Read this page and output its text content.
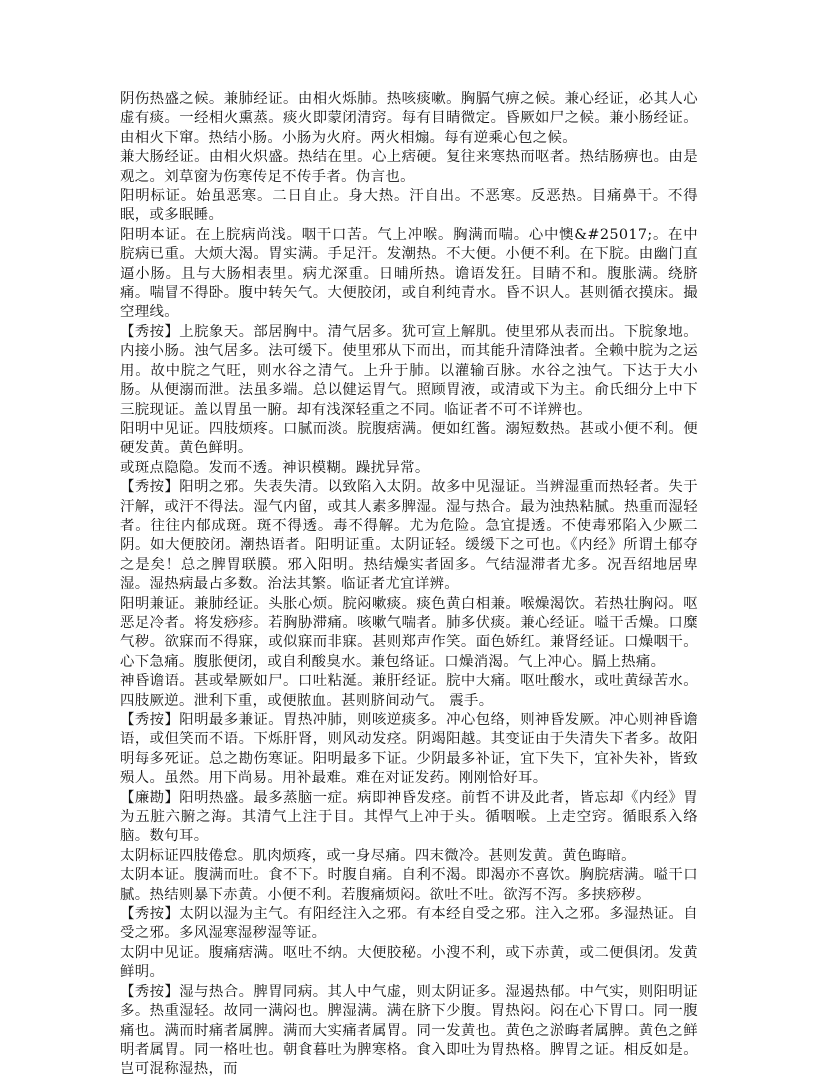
阴伤热盛之候。兼肺经证。由相火烁肺。热咳痰嗽。胸膈气痹之候。兼心经证，必其人心虚有痰。一经相火熏蒸。痰火即蒙闭清窍。每有目睛微定。昏厥如尸之候。兼小肠经证。由相火下窜。热结小肠。小肠为火府。两火相煽。每有逆乘心包之候。

兼大肠经证。由相火炽盛。热结在里。心上痞硬。复往来寒热而呕者。热结肠痹也。由是观之。刘草窗为伤寒传足不传手者。伪言也。

阳明标证。始虽恶寒。二日自止。身大热。汗自出。不恶寒。反恶热。目痛鼻干。不得眠，或多眠睡。

阳明本证。在上脘病尚浅。咽干口苦。气上冲喉。胸满而喘。心中懊&#25017;。在中脘病已重。大烦大渴。胃实满。手足汗。发潮热。不大便。小便不利。在下脘。由幽门直逼小肠。且与大肠相表里。病尤深重。日晡所热。谵语发狂。目睛不和。腹胀满。绕脐痛。喘冒不得卧。腹中转矢气。大便胶闭，或自利纯青水。昏不识人。甚则循衣摸床。撮空理线。

【秀按】上脘象天。部居胸中。清气居多。犹可宣上解肌。使里邪从表而出。下脘象地。内接小肠。浊气居多。法可缓下。使里邪从下而出，而其能升清降浊者。全赖中脘为之运用。故中脘之气旺，则水谷之清气。上升于肺。以灌输百脉。水谷之浊气。下达于大小肠。从便溺而泄。法虽多端。总以健运胃气。照顾胃液，或清或下为主。俞氏细分上中下三脘现证。盖以胃虽一腑。却有浅深轻重之不同。临证者不可不详辨也。

阳明中见证。四肢烦疼。口腻而淡。脘腹痞满。便如红酱。溺短数热。甚或小便不利。便硬发黄。黄色鲜明。

或斑点隐隐。发而不透。神识模糊。躁扰异常。

【秀按】阳明之邪。失表失清。以致陷入太阴。故多中见湿证。当辨湿重而热轻者。失于汗解，或汗不得法。湿气内留，或其人素多脾湿。湿与热合。最为浊热粘腻。热重而湿轻者。往往内郁成斑。斑不得透。毒不得解。尤为危险。急宜提透。不使毒邪陷入少厥二阴。如大便胶闭。潮热语者。阳明证重。太阴证轻。缓缓下之可也。《内经》所谓土郁夺之是矣！总之脾胃联膜。邪入阳明。热结燥实者固多。气结湿滞者尤多。况吾绍地居卑湿。湿热病最占多数。治法其繁。临证者尤宜详辨。

阳明兼证。兼肺经证。头胀心烦。脘闷嗽痰。痰色黄白相兼。喉燥渴饮。若热壮胸闷。呕恶足冷者。将发痧疹。若胸胁滞痛。咳嗽气喘者。肺多伏痰。兼心经证。嗌干舌燥。口糜气秽。欲寐而不得寐，或似寐而非寐。甚则郑声作笑。面色娇红。兼肾经证。口燥咽干。心下急痛。腹胀便闭，或自利酸臭水。兼包络证。口燥消渴。气上冲心。膈上热痛。

神昏谵语。甚或晕厥如尸。口吐粘涎。兼肝经证。脘中大痛。呕吐酸水，或吐黄绿苦水。四肢厥逆。泄利下重，或便脓血。甚则脐间动气。 震手。

【秀按】阳明最多兼证。胃热冲肺，则咳逆痰多。冲心包络，则神昏发厥。冲心则神昏谵语，或但笑而不语。下烁肝肾，则风动发痉。阴竭阳越。其变证由于失清失下者多。故阳明每多死证。总之勘伤寒证。阳明最多下证。少阴最多补证，宜下失下，宜补失补，皆致殒人。虽然。用下尚易。用补最难。难在对证发药。刚刚恰好耳。

【廉勘】阳明热盛。最多蒸脑一症。病即神昏发痉。前哲不讲及此者，皆忘却《内经》胃为五脏六腑之海。其清气上注于目。其悍气上冲于头。循咽喉。上走空窍。循眼系入络脑。数句耳。

太阴标证四肢倦怠。肌肉烦疼，或一身尽痛。四末微冷。甚则发黄。黄色晦暗。

太阴本证。腹满而吐。食不下。时腹自痛。自利不渴。即渴亦不喜饮。胸脘痞满。嗌干口腻。热结则暴下赤黄。小便不利。若腹痛烦闷。欲吐不吐。欲泻不泻。多挟痧秽。

【秀按】太阴以湿为主气。有阳经注入之邪。有本经自受之邪。注入之邪。多湿热证。自受之邪。多风湿寒湿秽湿等证。

太阴中见证。腹痛痞满。呕吐不纳。大便胶秘。小溲不利，或下赤黄，或二便俱闭。发黄鲜明。

【秀按】湿与热合。脾胃同病。其人中气虚，则太阴证多。湿遏热郁。中气实，则阳明证多。热重湿轻。故同一满闷也。脾湿满。满在脐下少腹。胃热闷。闷在心下胃口。同一腹痛也。满而时痛者属脾。满而大实痛者属胃。同一发黄也。黄色之淤晦者属脾。黄色之鲜明者属胃。同一格吐也。朝食暮吐为脾寒格。食入即吐为胃热格。脾胃之证。相反如是。岂可混称湿热，而
